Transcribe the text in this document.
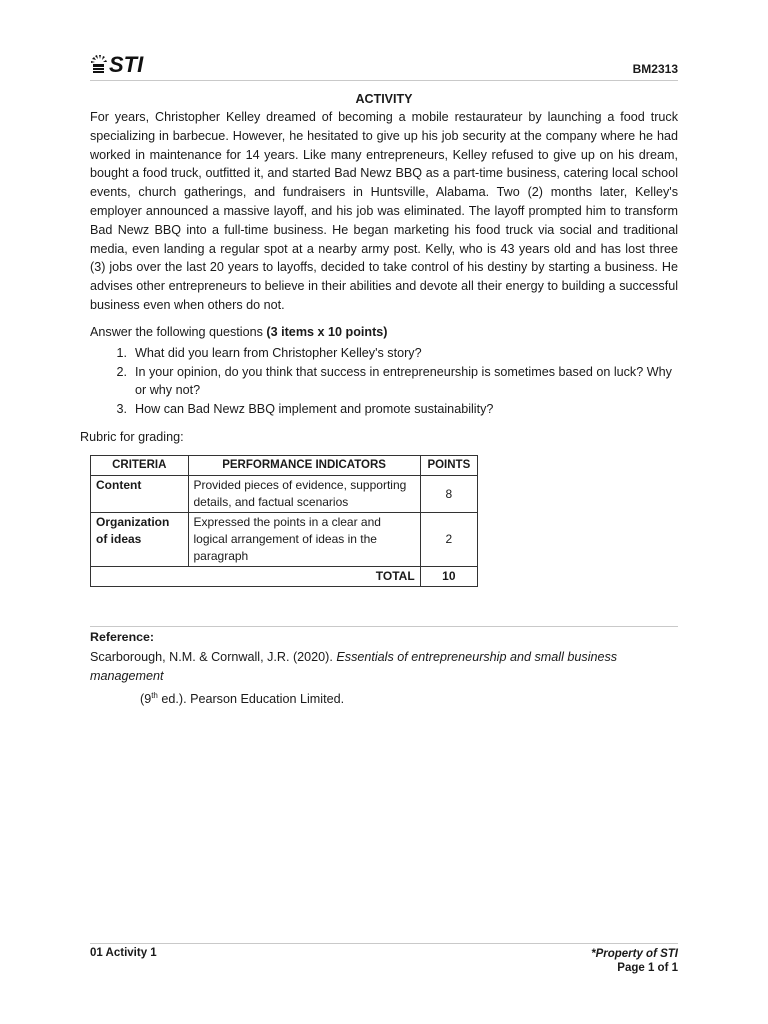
STI	BM2313
ACTIVITY
For years, Christopher Kelley dreamed of becoming a mobile restaurateur by launching a food truck specializing in barbecue. However, he hesitated to give up his job security at the company where he had worked in maintenance for 14 years. Like many entrepreneurs, Kelley refused to give up on his dream, bought a food truck, outfitted it, and started Bad Newz BBQ as a part-time business, catering local school events, church gatherings, and fundraisers in Huntsville, Alabama. Two (2) months later, Kelley's employer announced a massive layoff, and his job was eliminated. The layoff prompted him to transform Bad Newz BBQ into a full-time business. He began marketing his food truck via social and traditional media, even landing a regular spot at a nearby army post. Kelly, who is 43 years old and has lost three (3) jobs over the last 20 years to layoffs, decided to take control of his destiny by starting a business. He advises other entrepreneurs to believe in their abilities and devote all their energy to building a successful business even when others do not.
Answer the following questions (3 items x 10 points)
1. What did you learn from Christopher Kelley's story?
2. In your opinion, do you think that success in entrepreneurship is sometimes based on luck? Why or why not?
3. How can Bad Newz BBQ implement and promote sustainability?
Rubric for grading:
CRITERIA	PERFORMANCE INDICATORS	POINTS
Content	Provided pieces of evidence, supporting details, and factual scenarios	8
Organization of ideas	Expressed the points in a clear and logical arrangement of ideas in the paragraph	2
TOTAL		10
Reference:
Scarborough, N.M. & Cornwall, J.R. (2020). Essentials of entrepreneurship and small business management
(9th ed.). Pearson Education Limited.
01 Activity 1	*Property of STI
Page 1 of 1
